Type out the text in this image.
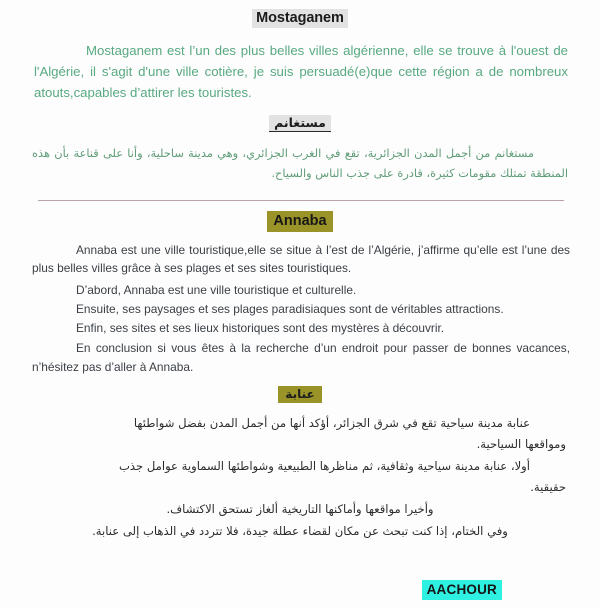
Mostaganem

Mostaganem est l’un des plus belles villes algérienne, elle se trouve à l'ouest de l'Algérie, il s'agit d'une ville cotière, je suis persuadé(e)que cette région a de nombreux atouts,capables d’attirer les touristes.

مستغانم

مستغانم من أجمل المدن الجزائرية، تقع في الغرب الجزائري، وهي مدينة ساحلية، وأنا على قناعة بأن هذه المنطقة تمتلك مقومات كثيرة، قادرة على جذب الناس والسياح.

Annaba

Annaba est une ville touristique,elle se situe à l’est de l’Algérie, j’affirme qu’elle est l’une des plus belles villes grâce à ses plages et ses sites touristiques.

D’abord, Annaba est une ville touristique et culturelle.
Ensuite, ses paysages et ses plages paradisiaques sont de véritables attractions.
Enfin, ses sites et ses lieux historiques sont des mystères à découvrir.

En conclusion si vous êtes à la recherche d’un endroit pour passer de bonnes vacances, n’hésitez pas d’aller à Annaba.

عنابة
عنابة مدينة سياحية تقع في شرق الجزائر، أؤكد أنها من أجمل المدن بفضل شواطئها
ومواقعها السياحية.
أولا، عنابة مدينة سياحية وثقافية، ثم مناظرها الطبيعية وشواطئها السماوية عوامل جذب
حقيقية.
وأخيرا مواقعها وأماكنها التاريخية ألغاز تستحق الاكتشاف.
وفي الختام، إذا كنت تبحث عن مكان لقضاء عطلة جيدة، فلا تتردد في الذهاب إلى عنابة.
AACHOUR
